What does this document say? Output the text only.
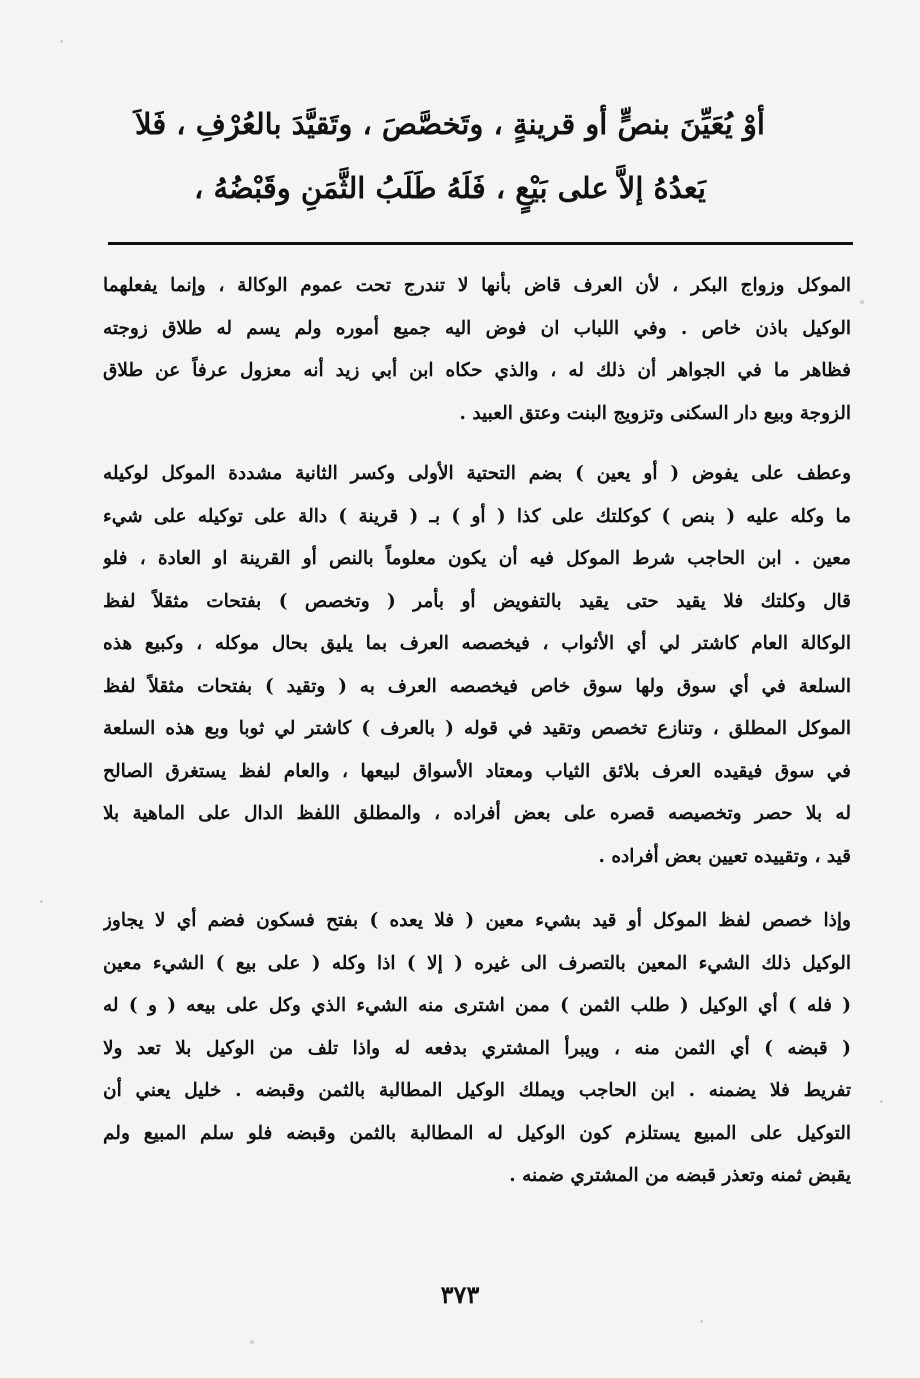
أوْ يُعَيِّنَ بنصٍّ أو قرينةٍ ، وتَخصَّصَ ، وتَقيَّدَ بالعُرْفِ ، فَلاَ
يَعدُهُ إلاَّ على بَيْعٍ ، فَلَهُ طَلَبُ الثَّمَنِ وقَبْضُهُ ،
الموكل وزواج البكر ، لأن العرف قاض بأنها لا تندرج تحت عموم الوكالة ، وإنما يفعلهما
الوكيل باذن خاص . وفي اللباب ان فوض اليه جميع أموره ولم يسم له طلاق زوجته
فظاهر ما في الجواهر أن ذلك له ، والذي حكاه ابن أبي زيد أنه معزول عرفاً عن طلاق
الزوجة وبيع دار السكنى وتزويج البنت وعتق العبيد .
وعطف على يفوض ( أو يعين ) بضم التحتية الأولى وكسر الثانية مشددة الموكل لوكيله
ما وكله عليه ( بنص ) كوكلتك على كذا ( أو ) بـ ( قرينة ) دالة على توكيله على شيء
معين . ابن الحاجب شرط الموكل فيه أن يكون معلوماً بالنص أو القرينة او العادة ، فلو
قال وكلتك فلا يقيد حتى يقيد بالتفويض أو بأمر ( وتخصص ) بفتحات مثقلاً لفظ
الوكالة العام كاشتر لي أي الأثواب ، فيخصصه العرف بما يليق بحال موكله ، وكبيع هذه
السلعة في أي سوق ولها سوق خاص فيخصصه العرف به ( وتقيد ) بفتحات مثقلاً لفظ
الموكل المطلق ، وتنازع تخصص وتقيد في قوله ( بالعرف ) كاشتر لي ثوبا وبع هذه السلعة
في سوق فيقيده العرف بلائق الثياب ومعتاد الأسواق لبيعها ، والعام لفظ يستغرق الصالح
له بلا حصر وتخصيصه قصره على بعض أفراده ، والمطلق اللفظ الدال على الماهية بلا
قيد ، وتقييده تعيين بعض أفراده .
وإذا خصص لفظ الموكل أو قيد بشيء معين ( فلا يعده ) بفتح فسكون فضم أي لا يجاوز
الوكيل ذلك الشيء المعين بالتصرف الى غيره ( إلا ) اذا وكله ( على بيع ) الشيء معين
( فله ) أي الوكيل ( طلب الثمن ) ممن اشترى منه الشيء الذي وكل على بيعه ( و ) له
( قبضه ) أي الثمن منه ، ويبرأ المشتري بدفعه له واذا تلف من الوكيل بلا تعد ولا
تفريط فلا يضمنه . ابن الحاجب ويملك الوكيل المطالبة بالثمن وقبضه . خليل يعني أن
التوكيل على المبيع يستلزم كون الوكيل له المطالبة بالثمن وقبضه فلو سلم المبيع ولم
يقبض ثمنه وتعذر قبضه من المشتري ضمنه .
٣٧٣
